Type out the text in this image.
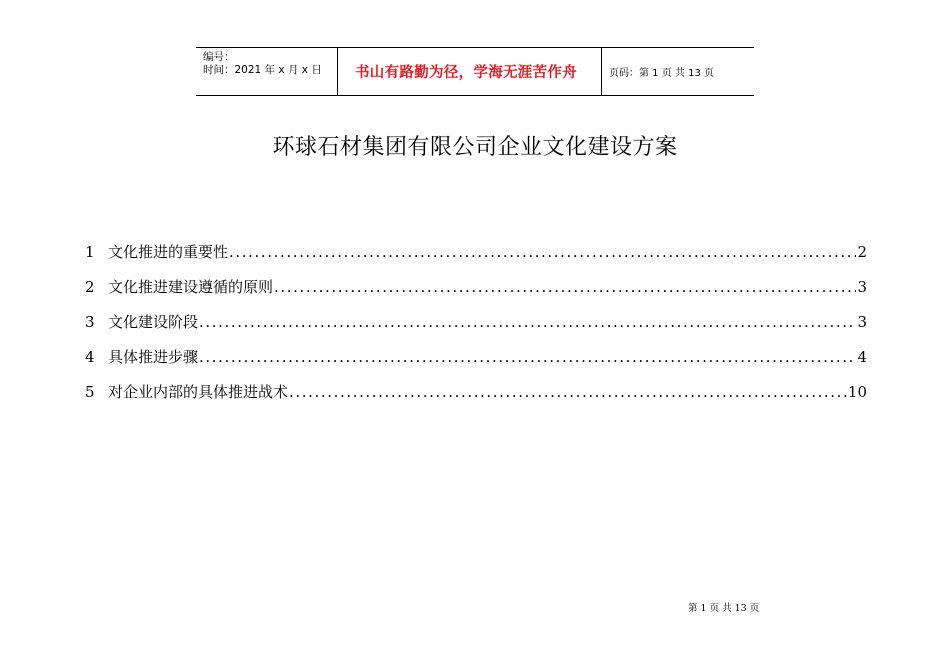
编号：
时间：2021 年 x 月 x 日	书山有路勤为径，学海无涯苦作舟	页码：第 1 页 共 13 页
环球石材集团有限公司企业文化建设方案
1 文化推进的重要性 .....	2
2 文化推进建设遵循的原则 .....	3
3 文化建设阶段 .....	3
4 具体推进步骤 .....	4
5 对企业内部的具体推进战术 .....	10
第 1 页 共 13 页
